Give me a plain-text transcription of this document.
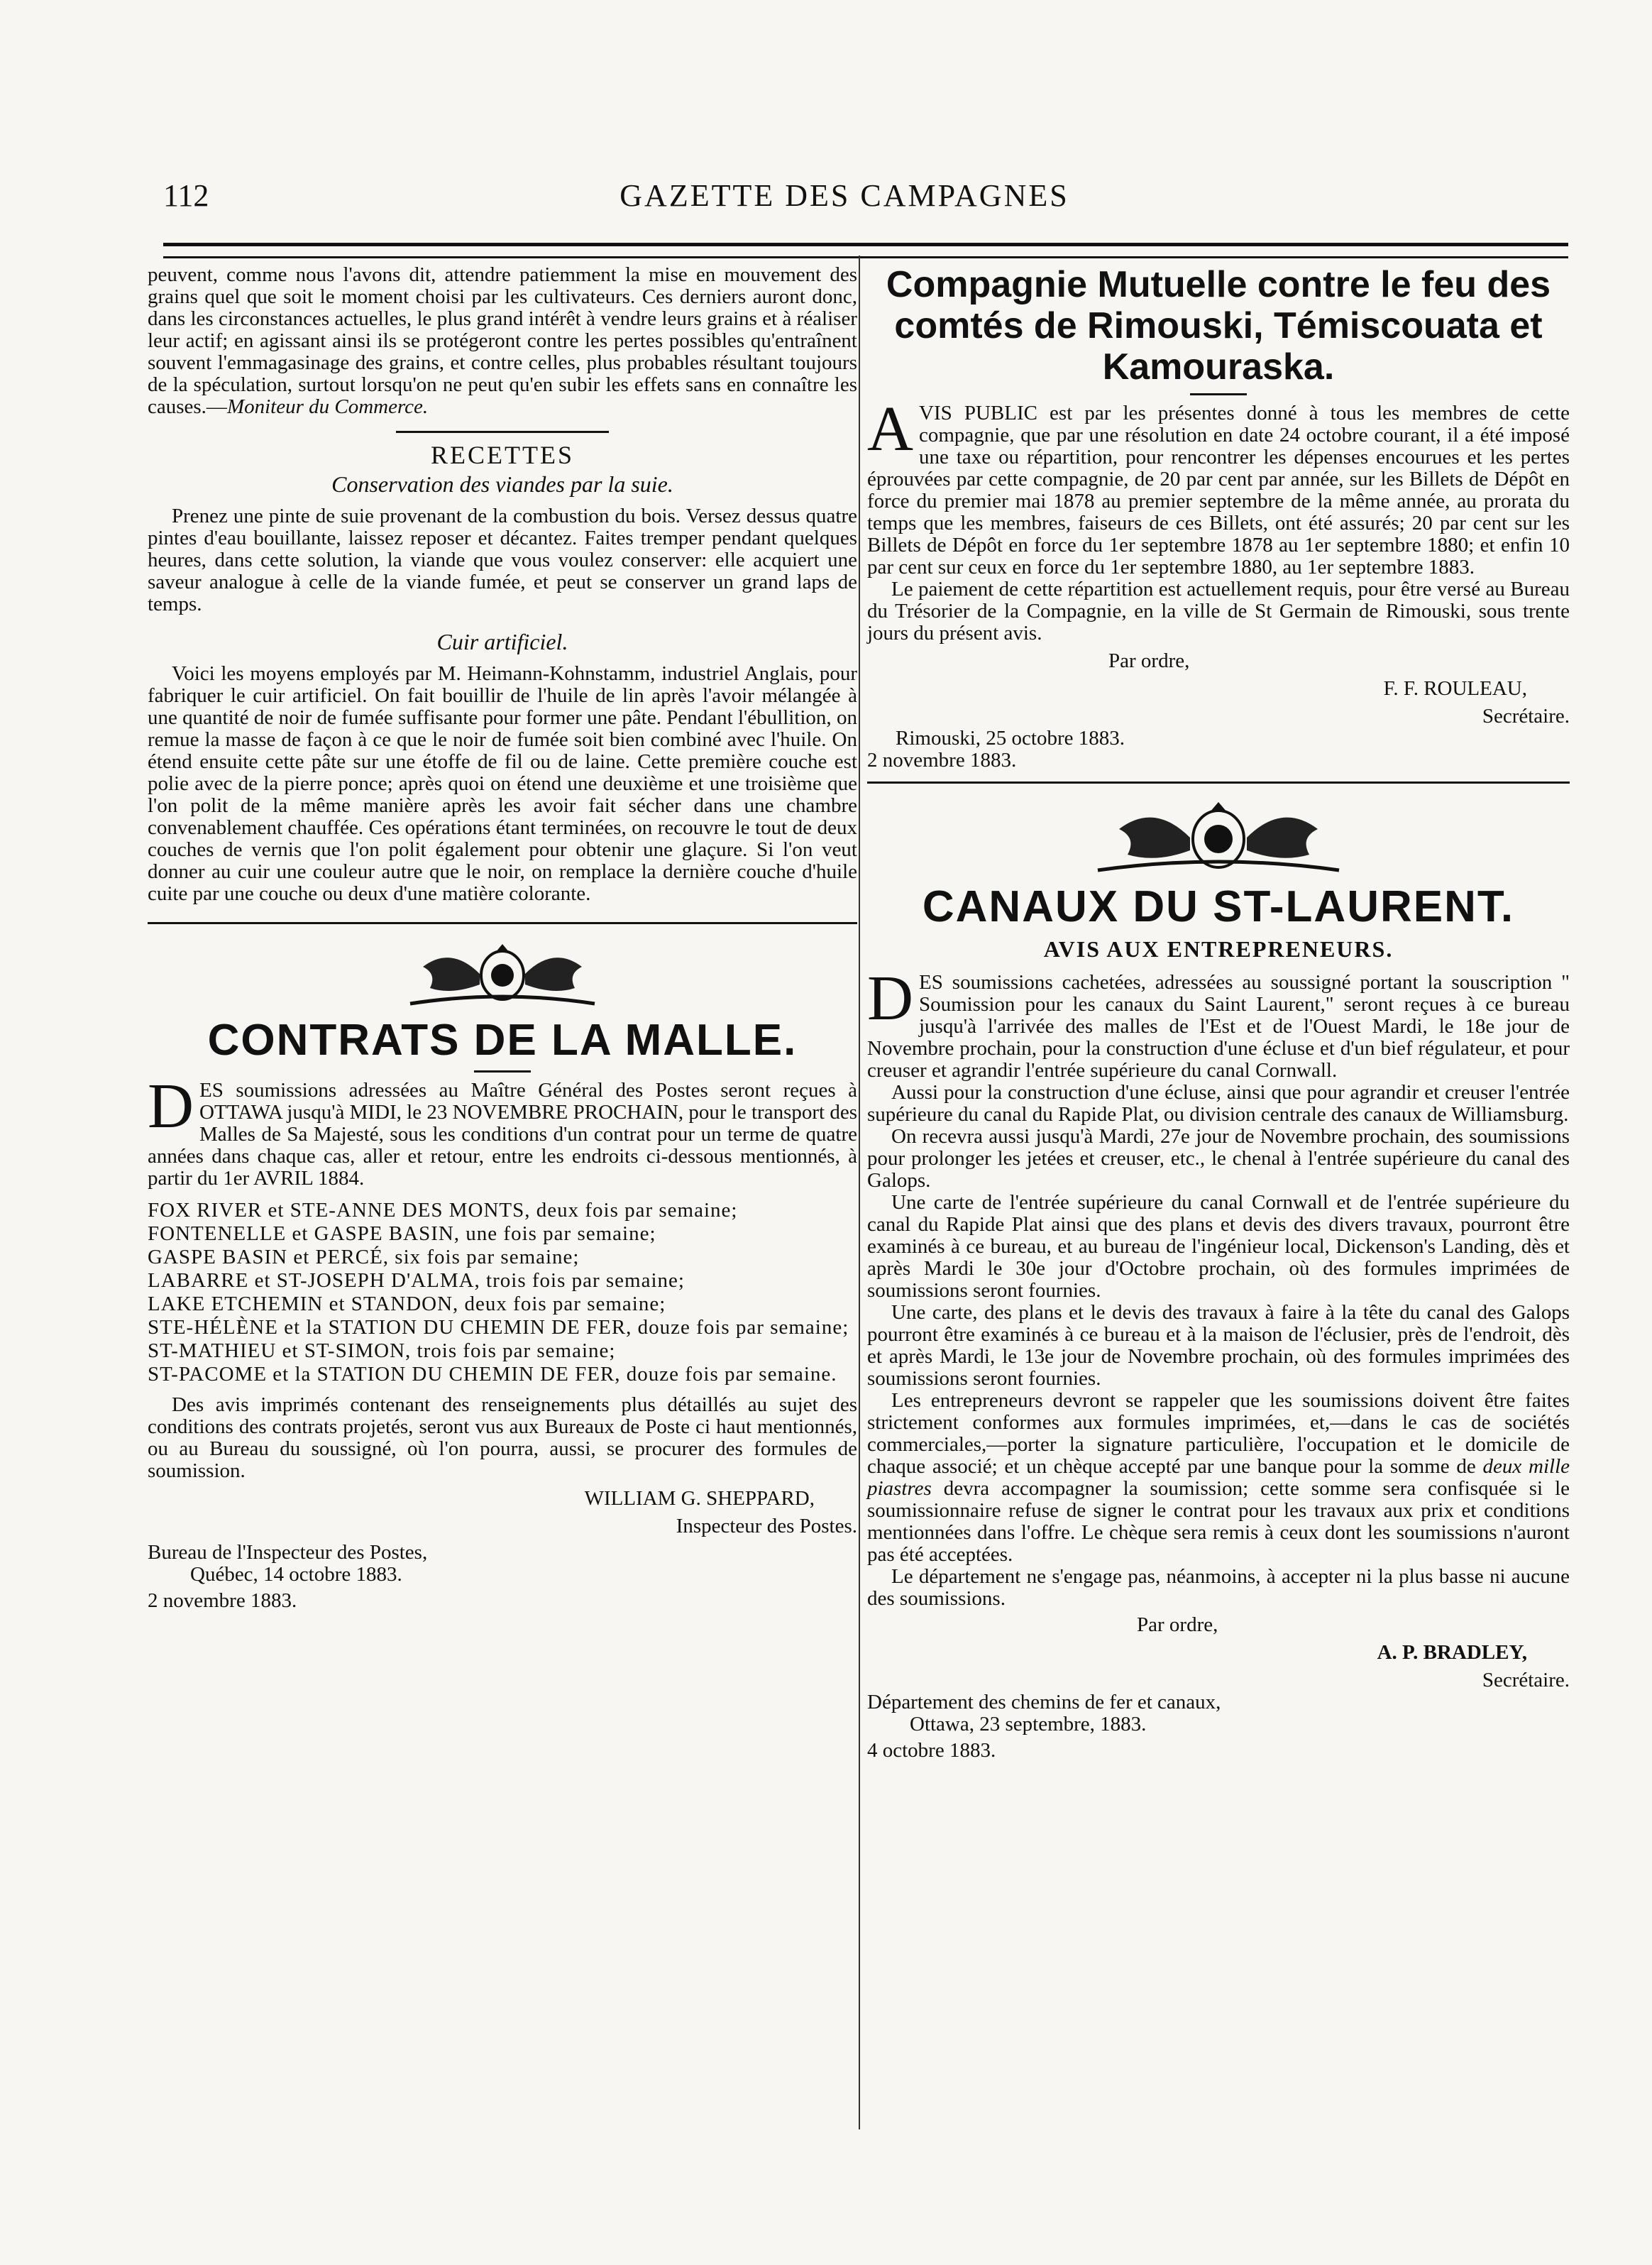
112	GAZETTE DES CAMPAGNES

peuvent, comme nous l'avons dit, attendre patiemment la mise en mouvement des grains quel que soit le moment choisi par les cultivateurs. Ces derniers auront donc, dans les circonstances actuelles, le plus grand intérêt à vendre leurs grains et à réaliser leur actif; en agissant ainsi ils se protégeront contre les pertes possibles qu'entraînent souvent l'emmagasinage des grains, et contre celles, plus probables résultant toujours de la spéculation, surtout lorsqu'on ne peut qu'en subir les effets sans en connaître les causes.—Moniteur du Commerce.

RECETTES
Conservation des viandes par la suie.

Prenez une pinte de suie provenant de la combustion du bois. Versez dessus quatre pintes d'eau bouillante, laissez reposer et décantez. Faites tremper pendant quelques heures, dans cette solution, la viande que vous voulez conserver: elle acquiert une saveur analogue à celle de la viande fumée, et peut se conserver un grand laps de temps.

Cuir artificiel.

Voici les moyens employés par M. Heimann-Kohnstamm, industriel Anglais, pour fabriquer le cuir artificiel. On fait bouillir de l'huile de lin après l'avoir mélangée à une quantité de noir de fumée suffisante pour former une pâte. Pendant l'ébullition, on remue la masse de façon à ce que le noir de fumée soit bien combiné avec l'huile. On étend ensuite cette pâte sur une étoffe de fil ou de laine. Cette première couche est polie avec de la pierre ponce; après quoi on étend une deuxième et une troisième que l'on polit de la même manière après les avoir fait sécher dans une chambre convenablement chauffée. Ces opérations étant terminées, on recouvre le tout de deux couches de vernis que l'on polit également pour obtenir une glaçure. Si l'on veut donner au cuir une couleur autre que le noir, on remplace la dernière couche d'huile cuite par une couche ou deux d'une matière colorante.

CONTRATS DE LA MALLE.

DES soumissions adressées au Maître Général des Postes seront reçues à OTTAWA jusqu'à MIDI, le 23 NOVEMBRE PROCHAIN, pour le transport des Malles de Sa Majesté, sous les conditions d'un contrat pour un terme de quatre années dans chaque cas, aller et retour, entre les endroits ci-dessous mentionnés, à partir du 1er AVRIL 1884.

FOX RIVER et STE-ANNE DES MONTS, deux fois par semaine;

FONTENELLE et GASPE BASIN, une fois par semaine;

GASPE BASIN et PERCÉ, six fois par semaine;

LABARRE et ST-JOSEPH D'ALMA, trois fois par semaine;

LAKE ETCHEMIN et STANDON, deux fois par semaine;

STE-HÉLÈNE et la STATION DU CHEMIN DE FER, douze fois par semaine;

ST-MATHIEU et ST-SIMON, trois fois par semaine;

ST-PACOME et la STATION DU CHEMIN DE FER, douze fois par semaine.

Des avis imprimés contenant des renseignements plus détaillés au sujet des conditions des contrats projetés, seront vus aux Bureaux de Poste ci haut mentionnés, ou au Bureau du soussigné, où l'on pourra, aussi, se procurer des formules de soumission.

WILLIAM G. SHEPPARD,

Inspecteur des Postes.

Bureau de l'Inspecteur des Postes,

Québec, 14 octobre 1883.

2 novembre 1883.

Compagnie Mutuelle contre le feu des comtés de Rimouski, Témiscouata et Kamouraska.

AVIS PUBLIC est par les présentes donné à tous les membres de cette compagnie, que par une résolution en date 24 octobre courant, il a été imposé une taxe ou répartition, pour rencontrer les dépenses encourues et les pertes éprouvées par cette compagnie, de 20 par cent par année, sur les Billets de Dépôt en force du premier mai 1878 au premier septembre de la même année, au prorata du temps que les membres, faiseurs de ces Billets, ont été assurés; 20 par cent sur les Billets de Dépôt en force du 1er septembre 1878 au 1er septembre 1880; et enfin 10 par cent sur ceux en force du 1er septembre 1880, au 1er septembre 1883.

Le paiement de cette répartition est actuellement requis, pour être versé au Bureau du Trésorier de la Compagnie, en la ville de St Germain de Rimouski, sous trente jours du présent avis.

Par ordre,

F. F. ROULEAU,

Secrétaire.

Rimouski, 25 octobre 1883.

2 novembre 1883.

CANAUX DU ST-LAURENT.
AVIS AUX ENTREPRENEURS.

DES soumissions cachetées, adressées au soussigné portant la souscription " Soumission pour les canaux du Saint Laurent," seront reçues à ce bureau jusqu'à l'arrivée des malles de l'Est et de l'Ouest Mardi, le 18e jour de Novembre prochain, pour la construction d'une écluse et d'un bief régulateur, et pour creuser et agrandir l'entrée supérieure du canal Cornwall.

Aussi pour la construction d'une écluse, ainsi que pour agrandir et creuser l'entrée supérieure du canal du Rapide Plat, ou division centrale des canaux de Williamsburg.

On recevra aussi jusqu'à Mardi, 27e jour de Novembre prochain, des soumissions pour prolonger les jetées et creuser, etc., le chenal à l'entrée supérieure du canal des Galops.

Une carte de l'entrée supérieure du canal Cornwall et de l'entrée supérieure du canal du Rapide Plat ainsi que des plans et devis des divers travaux, pourront être examinés à ce bureau, et au bureau de l'ingénieur local, Dickenson's Landing, dès et après Mardi le 30e jour d'Octobre prochain, où des formules imprimées de soumissions seront fournies.

Une carte, des plans et le devis des travaux à faire à la tête du canal des Galops pourront être examinés à ce bureau et à la maison de l'éclusier, près de l'endroit, dès et après Mardi, le 13e jour de Novembre prochain, où des formules imprimées des soumissions seront fournies.

Les entrepreneurs devront se rappeler que les soumissions doivent être faites strictement conformes aux formules imprimées, et,—dans le cas de sociétés commerciales,—porter la signature particulière, l'occupation et le domicile de chaque associé; et un chèque accepté par une banque pour la somme de deux mille piastres devra accompagner la soumission; cette somme sera confisquée si le soumissionnaire refuse de signer le contrat pour les travaux aux prix et conditions mentionnées dans l'offre. Le chèque sera remis à ceux dont les soumissions n'auront pas été acceptées.

Le département ne s'engage pas, néanmoins, à accepter ni la plus basse ni aucune des soumissions.

Par ordre,

A. P. BRADLEY,

Secrétaire.

Département des chemins de fer et canaux,

Ottawa, 23 septembre, 1883.

4 octobre 1883.
